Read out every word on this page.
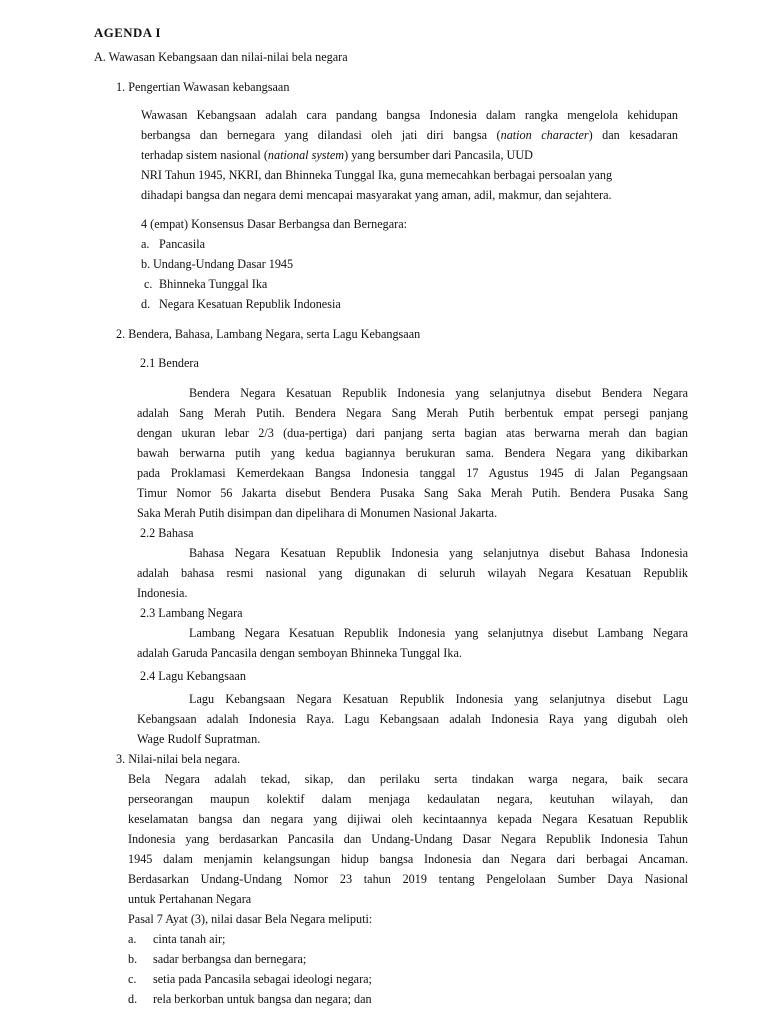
AGENDA I
A. Wawasan Kebangsaan dan nilai-nilai bela negara
1. Pengertian Wawasan kebangsaan
Wawasan Kebangsaan adalah cara pandang bangsa Indonesia dalam rangka mengelola kehidupan
berbangsa dan bernegara yang dilandasi oleh jati diri bangsa (nation character) dan kesadaran
terhadap sistem nasional (national system) yang bersumber dari Pancasila, UUD
NRI Tahun 1945, NKRI, dan Bhinneka Tunggal Ika, guna memecahkan berbagai persoalan yang
dihadapi bangsa dan negara demi mencapai masyarakat yang aman, adil, makmur, dan sejahtera.
4 (empat) Konsensus Dasar Berbangsa dan Bernegara:
a. Pancasila
b. Undang-Undang Dasar 1945
c. Bhinneka Tunggal Ika
d. Negara Kesatuan Republik Indonesia
2. Bendera, Bahasa, Lambang Negara, serta Lagu Kebangsaan
2.1 Bendera
Bendera Negara Kesatuan Republik Indonesia yang selanjutnya disebut Bendera Negara
adalah Sang Merah Putih. Bendera Negara Sang Merah Putih berbentuk empat persegi panjang
dengan ukuran lebar 2/3 (dua-pertiga) dari panjang serta bagian atas berwarna merah dan bagian
bawah berwarna putih yang kedua bagiannya berukuran sama. Bendera Negara yang dikibarkan
pada Proklamasi Kemerdekaan Bangsa Indonesia tanggal 17 Agustus 1945 di Jalan Pegangsaan
Timur Nomor 56 Jakarta disebut Bendera Pusaka Sang Saka Merah Putih. Bendera Pusaka Sang
Saka Merah Putih disimpan dan dipelihara di Monumen Nasional Jakarta.
2.2 Bahasa
Bahasa Negara Kesatuan Republik Indonesia yang selanjutnya disebut Bahasa Indonesia
adalah bahasa resmi nasional yang digunakan di seluruh wilayah Negara Kesatuan Republik
Indonesia.
2.3 Lambang Negara
Lambang Negara Kesatuan Republik Indonesia yang selanjutnya disebut Lambang Negara
adalah Garuda Pancasila dengan semboyan Bhinneka Tunggal Ika.
2.4 Lagu Kebangsaan
Lagu Kebangsaan Negara Kesatuan Republik Indonesia yang selanjutnya disebut Lagu
Kebangsaan adalah Indonesia Raya. Lagu Kebangsaan adalah Indonesia Raya yang digubah oleh
Wage Rudolf Supratman.
3. Nilai-nilai bela negara.
Bela Negara adalah tekad, sikap, dan perilaku serta tindakan warga negara, baik secara
perseorangan maupun kolektif dalam menjaga kedaulatan negara, keutuhan wilayah, dan
keselamatan bangsa dan negara yang dijiwai oleh kecintaannya kepada Negara Kesatuan Republik
Indonesia yang berdasarkan Pancasila dan Undang-Undang Dasar Negara Republik Indonesia Tahun
1945 dalam menjamin kelangsungan hidup bangsa Indonesia dan Negara dari berbagai Ancaman.
Berdasarkan Undang-Undang Nomor 23 tahun 2019 tentang Pengelolaan Sumber Daya Nasional
untuk Pertahanan Negara
Pasal 7 Ayat (3), nilai dasar Bela Negara meliputi:
a. cinta tanah air;
b. sadar berbangsa dan bernegara;
c. setia pada Pancasila sebagai ideologi negara;
d. rela berkorban untuk bangsa dan negara; dan
